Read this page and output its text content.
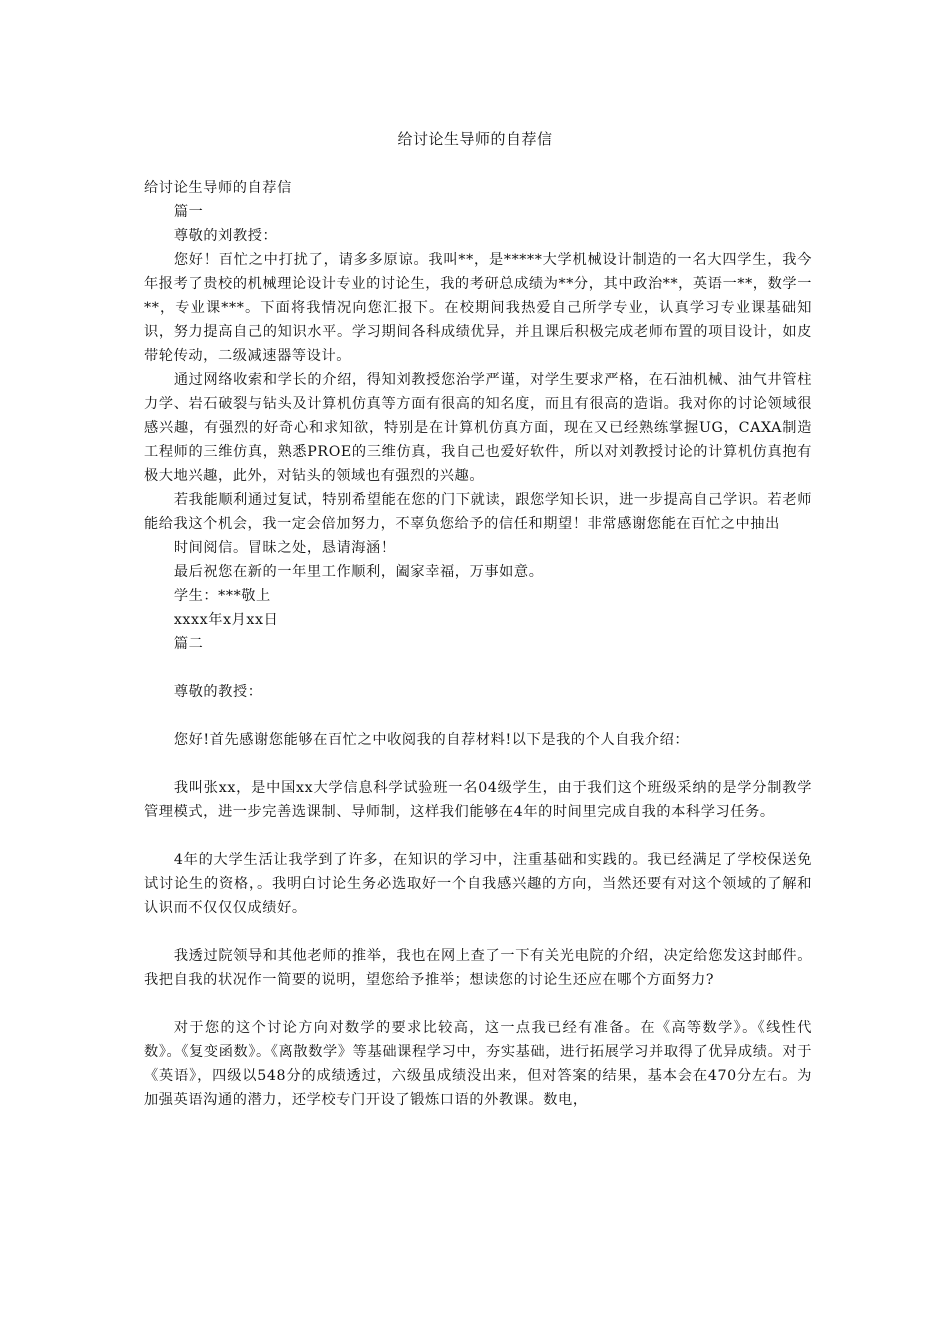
给讨论生导师的自荐信

给讨论生导师的自荐信

篇一

尊敬的刘教授：

您好！百忙之中打扰了，请多多原谅。我叫**，是*****大学机械设计制造的一名大四学生，我今年报考了贵校的机械理论设计专业的讨论生，我的考研总成绩为**分，其中政治**，英语一**，数学一**，专业课***。下面将我情况向您汇报下。在校期间我热爱自己所学专业，认真学习专业课基础知识，努力提高自己的知识水平。学习期间各科成绩优异，并且课后积极完成老师布置的项目设计，如皮带轮传动，二级减速器等设计。

通过网络收索和学长的介绍，得知刘教授您治学严谨，对学生要求严格，在石油机械、油气井管柱力学、岩石破裂与钻头及计算机仿真等方面有很高的知名度，而且有很高的造诣。我对你的讨论领域很感兴趣，有强烈的好奇心和求知欲，特别是在计算机仿真方面，现在又已经熟练掌握UG，CAXA制造工程师的三维仿真，熟悉PROE的三维仿真，我自己也爱好软件，所以对刘教授讨论的计算机仿真抱有极大地兴趣，此外，对钻头的领域也有强烈的兴趣。

若我能顺利通过复试，特别希望能在您的门下就读，跟您学知长识，进一步提高自己学识。若老师能给我这个机会，我一定会倍加努力，不辜负您给予的信任和期望！非常感谢您能在百忙之中抽出

时间阅信。冒昧之处，恳请海涵！

最后祝您在新的一年里工作顺利，阖家幸福，万事如意。

学生：***敬上

xxxx年x月xx日

篇二

尊敬的教授：

您好!首先感谢您能够在百忙之中收阅我的自荐材料!以下是我的个人自我介绍：

我叫张xx，是中国xx大学信息科学试验班一名04级学生，由于我们这个班级采纳的是学分制教学管理模式，进一步完善选课制、导师制，这样我们能够在4年的时间里完成自我的本科学习任务。

4年的大学生活让我学到了许多，在知识的学习中，注重基础和实践的。我已经满足了学校保送免试讨论生的资格，。我明白讨论生务必选取好一个自我感兴趣的方向，当然还要有对这个领域的了解和认识而不仅仅仅成绩好。

我透过院领导和其他老师的推举，我也在网上查了一下有关光电院的介绍，决定给您发这封邮件。我把自我的状况作一简要的说明，望您给予推举；想读您的讨论生还应在哪个方面努力?

对于您的这个讨论方向对数学的要求比较高，这一点我已经有准备。在《高等数学》。《线性代数》。《复变函数》。《离散数学》等基础课程学习中，夯实基础，进行拓展学习并取得了优异成绩。对于《英语》，四级以548分的成绩透过，六级虽成绩没出来，但对答案的结果，基本会在470分左右。为加强英语沟通的潜力，还学校专门开设了锻炼口语的外教课。数电，
